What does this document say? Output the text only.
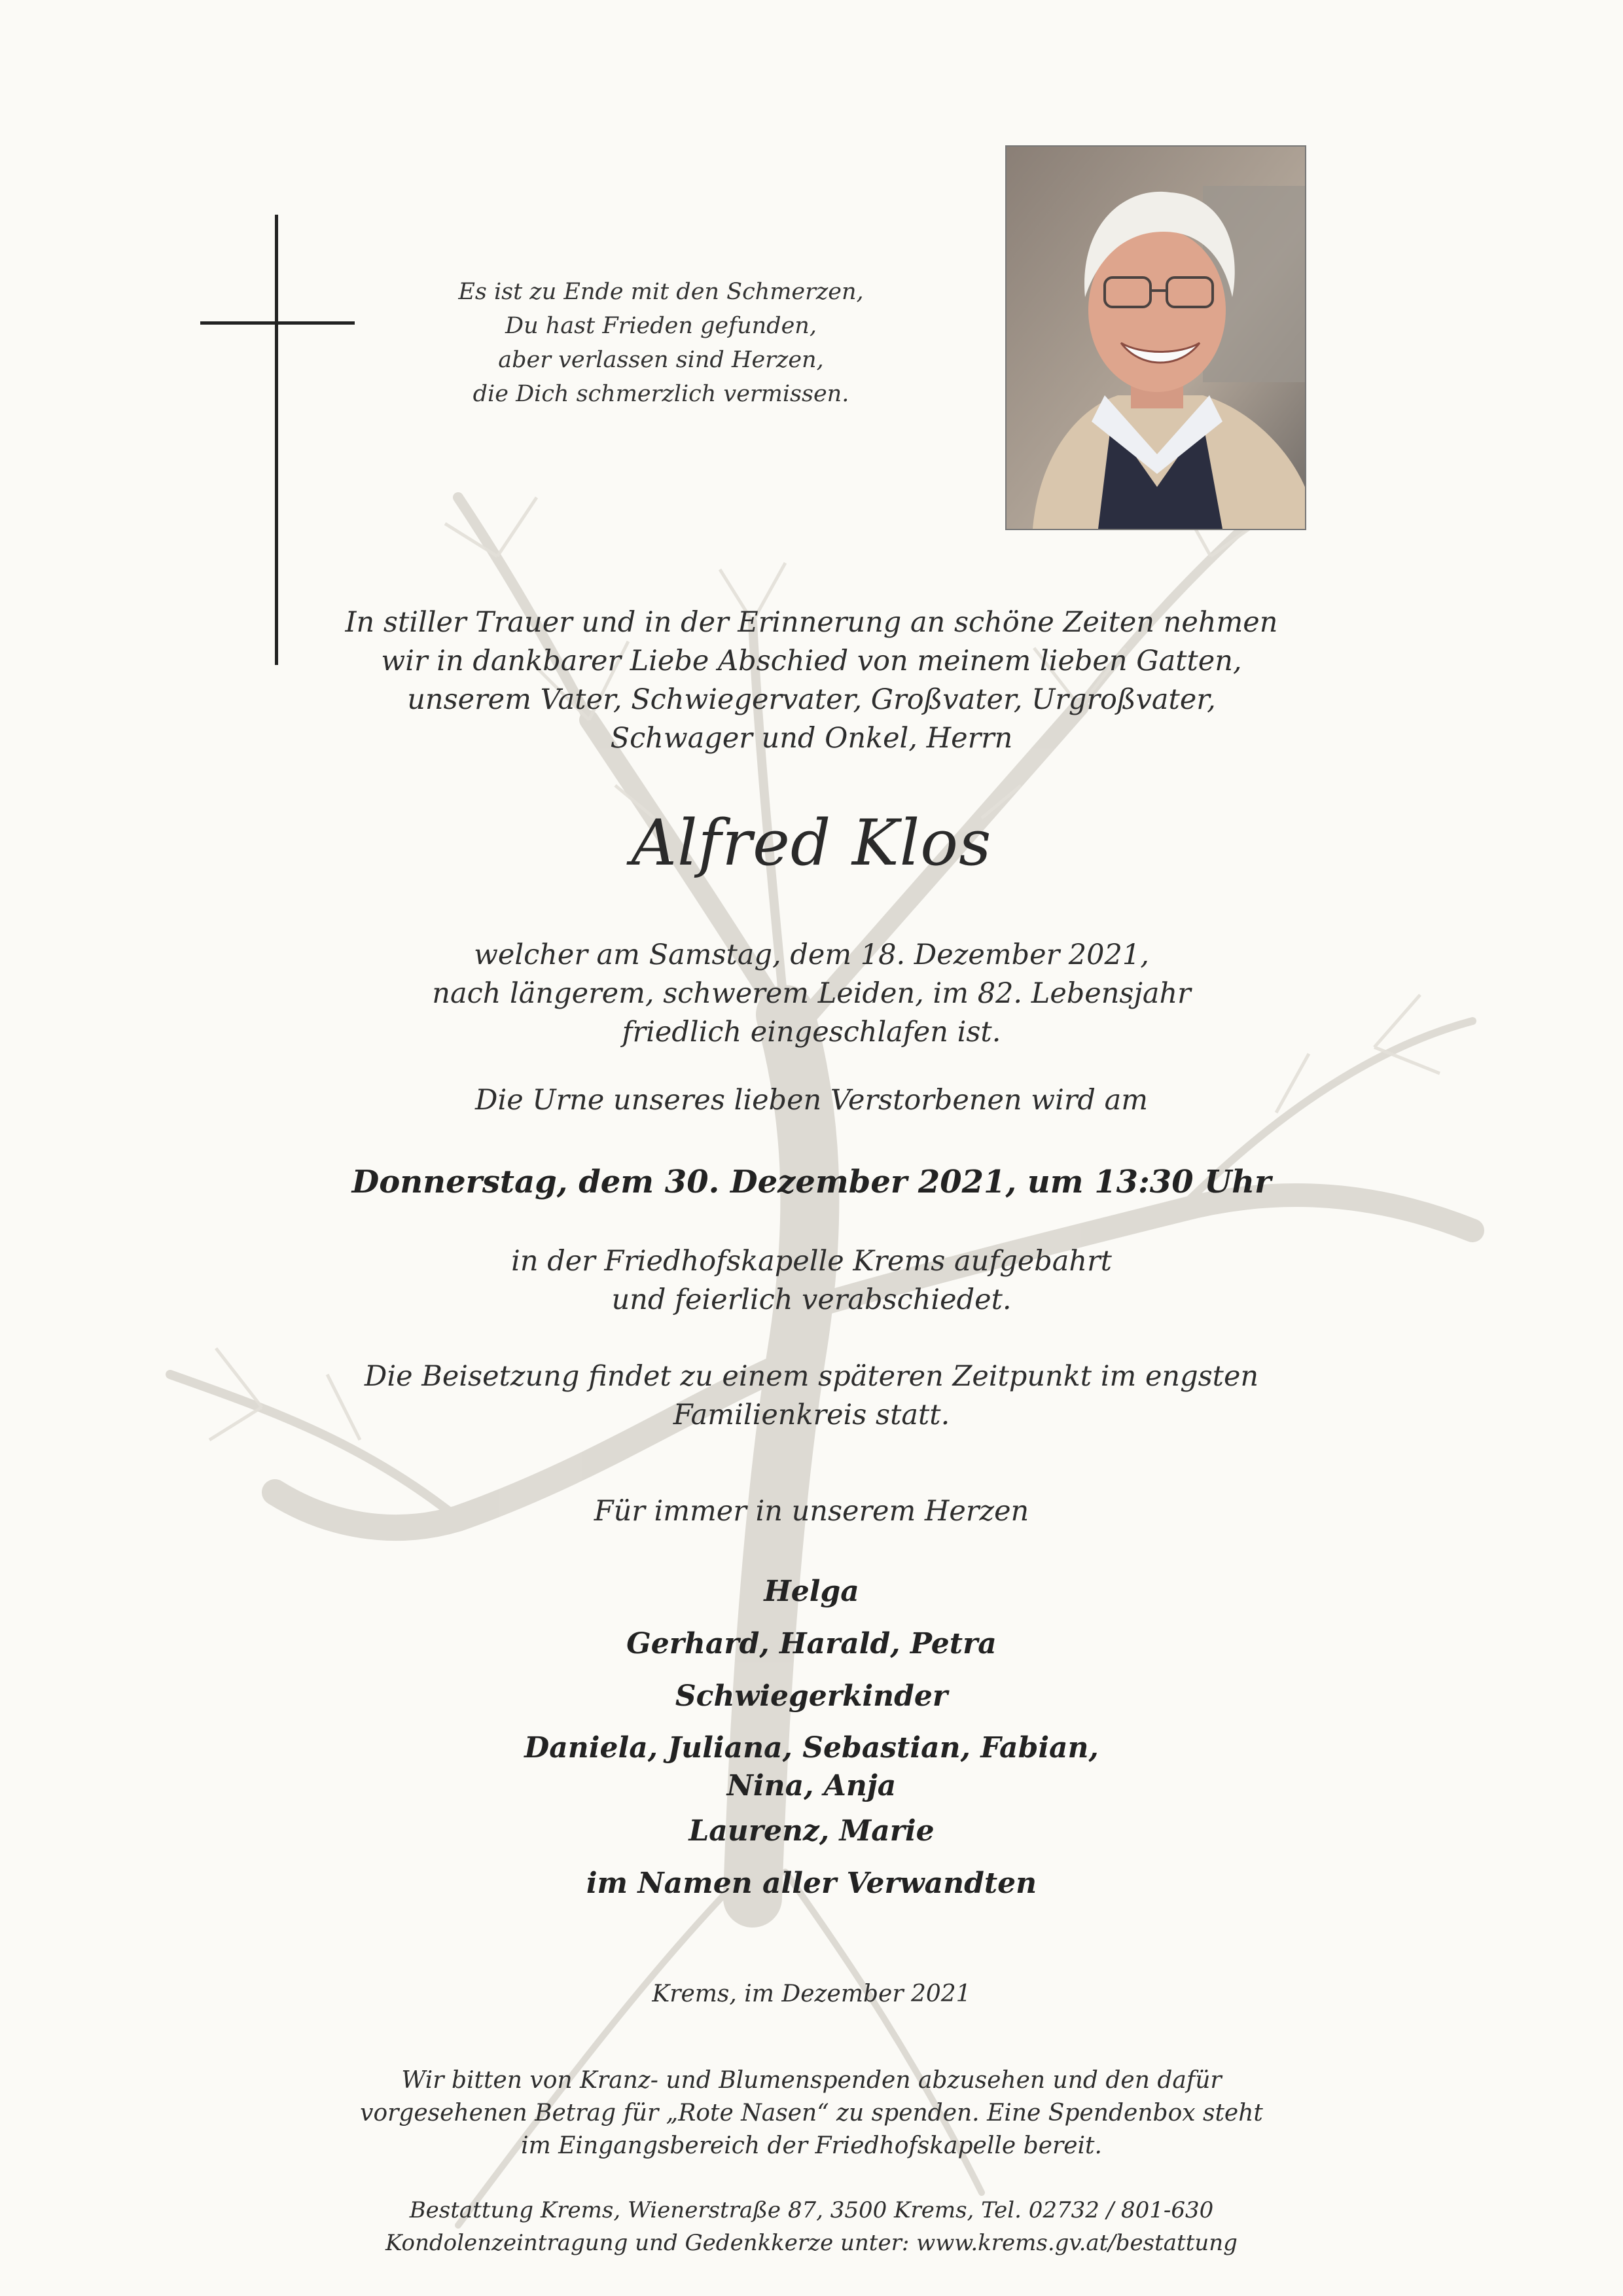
Es ist zu Ende mit den Schmerzen,
Du hast Frieden gefunden,
aber verlassen sind Herzen,
die Dich schmerzlich vermissen.
In stiller Trauer und in der Erinnerung an schöne Zeiten nehmen
wir in dankbarer Liebe Abschied von meinem lieben Gatten,
unserem Vater, Schwiegervater, Großvater, Urgroßvater,
Schwager und Onkel, Herrn
Alfred Klos
welcher am Samstag, dem 18. Dezember 2021,
nach längerem, schwerem Leiden, im 82. Lebensjahr
friedlich eingeschlafen ist.
Die Urne unseres lieben Verstorbenen wird am
Donnerstag, dem 30. Dezember 2021, um 13:30 Uhr
in der Friedhofskapelle Krems aufgebahrt
und feierlich verabschiedet.
Die Beisetzung findet zu einem späteren Zeitpunkt im engsten
Familienkreis statt.
Für immer in unserem Herzen
Helga
Gerhard, Harald, Petra
Schwiegerkinder
Daniela, Juliana, Sebastian, Fabian,
Nina, Anja
Laurenz, Marie
im Namen aller Verwandten
Krems, im Dezember 2021
Wir bitten von Kranz- und Blumenspenden abzusehen und den dafür
vorgesehenen Betrag für „Rote Nasen“ zu spenden. Eine Spendenbox steht
im Eingangsbereich der Friedhofskapelle bereit.
Bestattung Krems, Wienerstraße 87, 3500 Krems, Tel. 02732 / 801-630
Kondolenzeintragung und Gedenkkerze unter: www.krems.gv.at/bestattung
